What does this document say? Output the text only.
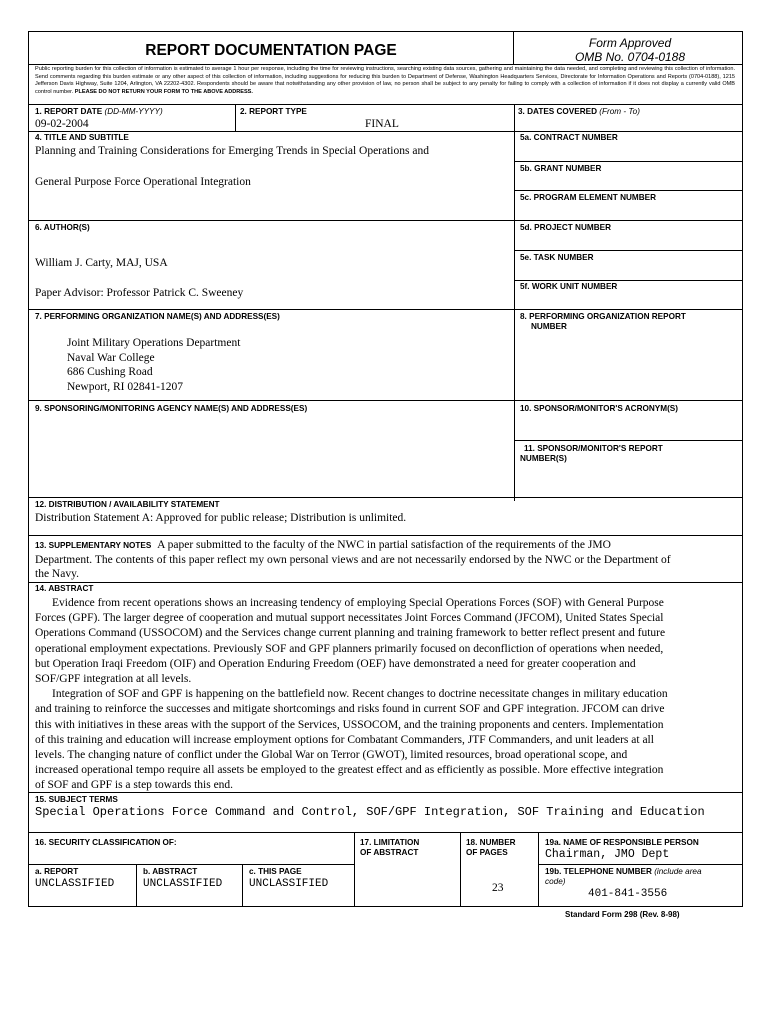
REPORT DOCUMENTATION PAGE	Form Approved
OMB No. 0704-0188
Public reporting burden for this collection of information is estimated to average 1 hour per response, including the time for reviewing instructions, searching existing data sources, gathering and maintaining the data needed, and completing and reviewing this collection of information. Send comments regarding this burden estimate or any other aspect of this collection of information, including suggestions for reducing this burden to Department of Defense, Washington Headquarters Services, Directorate for Information Operations and Reports (0704-0188), 1215 Jefferson Davis Highway, Suite 1204, Arlington, VA 22202-4302. Respondents should be aware that notwithstanding any other provision of law, no person shall be subject to any penalty for failing to comply with a collection of information if it does not display a currently valid OMB control number. PLEASE DO NOT RETURN YOUR FORM TO THE ABOVE ADDRESS.
1. REPORT DATE (DD-MM-YYYY)
09-02-2004
2. REPORT TYPE
FINAL
3. DATES COVERED (From - To)
4. TITLE AND SUBTITLE
Planning and Training Considerations for Emerging Trends in Special Operations and
General Purpose Force Operational Integration
5a. CONTRACT NUMBER
5b. GRANT NUMBER
5c. PROGRAM ELEMENT NUMBER
5d. PROJECT NUMBER
5e. TASK NUMBER
5f. WORK UNIT NUMBER
6. AUTHOR(S)
William J. Carty, MAJ, USA
Paper Advisor: Professor Patrick C. Sweeney
7. PERFORMING ORGANIZATION NAME(S) AND ADDRESS(ES)
Joint Military Operations Department
Naval War College
686 Cushing Road
Newport, RI 02841-1207
8. PERFORMING ORGANIZATION REPORT
NUMBER
9. SPONSORING/MONITORING AGENCY NAME(S) AND ADDRESS(ES)	10. SPONSOR/MONITOR'S ACRONYM(S)
11. SPONSOR/MONITOR'S REPORT
NUMBER(S)
12. DISTRIBUTION / AVAILABILITY STATEMENT
Distribution Statement A: Approved for public release; Distribution is unlimited.
13. SUPPLEMENTARY NOTES A paper submitted to the faculty of the NWC in partial satisfaction of the requirements of the JMO
Department. The contents of this paper reflect my own personal views and are not necessarily endorsed by the NWC or the Department of
the Navy.
14. ABSTRACT
Evidence from recent operations shows an increasing tendency of employing Special Operations Forces (SOF) with General Purpose
Forces (GPF). The larger degree of cooperation and mutual support necessitates Joint Forces Command (JFCOM), United States Special
Operations Command (USSOCOM) and the Services change current planning and training framework to better reflect present and future
operational employment expectations. Previously SOF and GPF planners primarily focused on deconfliction of operations when needed,
but Operation Iraqi Freedom (OIF) and Operation Enduring Freedom (OEF) have demonstrated a need for greater cooperation and
SOF/GPF integration at all levels.
Integration of SOF and GPF is happening on the battlefield now. Recent changes to doctrine necessitate changes in military education
and training to reinforce the successes and mitigate shortcomings and risks found in current SOF and GPF integration. JFCOM can drive
this with initiatives in these areas with the support of the Services, USSOCOM, and the training proponents and centers. Implementation
of this training and education will increase employment options for Combatant Commanders, JTF Commanders, and unit leaders at all
levels. The changing nature of conflict under the Global War on Terror (GWOT), limited resources, broad operational scope, and
increased operational tempo require all assets be employed to the greatest effect and as efficiently as possible. More effective integration
of SOF and GPF is a step towards this end.
15. SUBJECT TERMS
Special Operations Force Command and Control, SOF/GPF Integration, SOF Training and Education
16. SECURITY CLASSIFICATION OF:
a. REPORT
UNCLASSIFIED
b. ABSTRACT
UNCLASSIFIED
c. THIS PAGE
UNCLASSIFIED
17. LIMITATION
OF ABSTRACT
18. NUMBER
OF PAGES
23
19a. NAME OF RESPONSIBLE PERSON
Chairman, JMO Dept
19b. TELEPHONE NUMBER (include area
code)
401-841-3556
Standard Form 298 (Rev. 8-98)
